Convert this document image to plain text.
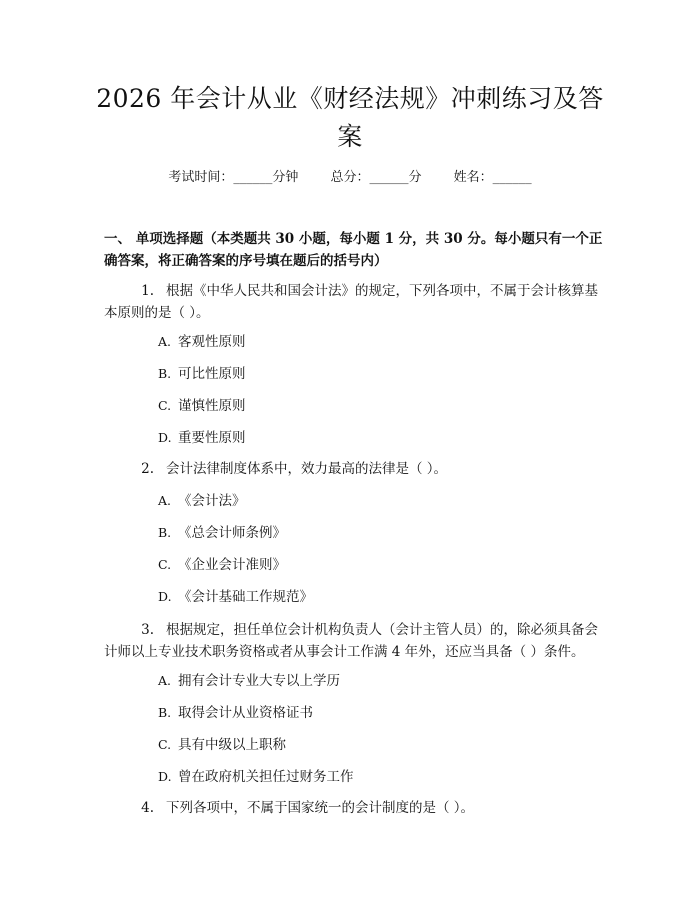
2026 年会计从业《财经法规》冲刺练习及答案
考试时间：______分钟 总分：______分 姓名：______
一、 单项选择题（本类题共 30 小题，每小题 1 分，共 30 分。每小题只有一个正确答案，将正确答案的序号填在题后的括号内）
1. 根据《中华人民共和国会计法》的规定，下列各项中，不属于会计核算基本原则的是（ ）。
A. 客观性原则
B. 可比性原则
C. 谨慎性原则
D. 重要性原则
2. 会计法律制度体系中，效力最高的法律是（ ）。
A. 《会计法》
B. 《总会计师条例》
C. 《企业会计准则》
D. 《会计基础工作规范》
3. 根据规定，担任单位会计机构负责人（会计主管人员）的，除必须具备会计师以上专业技术职务资格或者从事会计工作满 4 年外，还应当具备（ ）条件。
A. 拥有会计专业大专以上学历
B. 取得会计从业资格证书
C. 具有中级以上职称
D. 曾在政府机关担任过财务工作
4. 下列各项中，不属于国家统一的会计制度的是（ ）。
